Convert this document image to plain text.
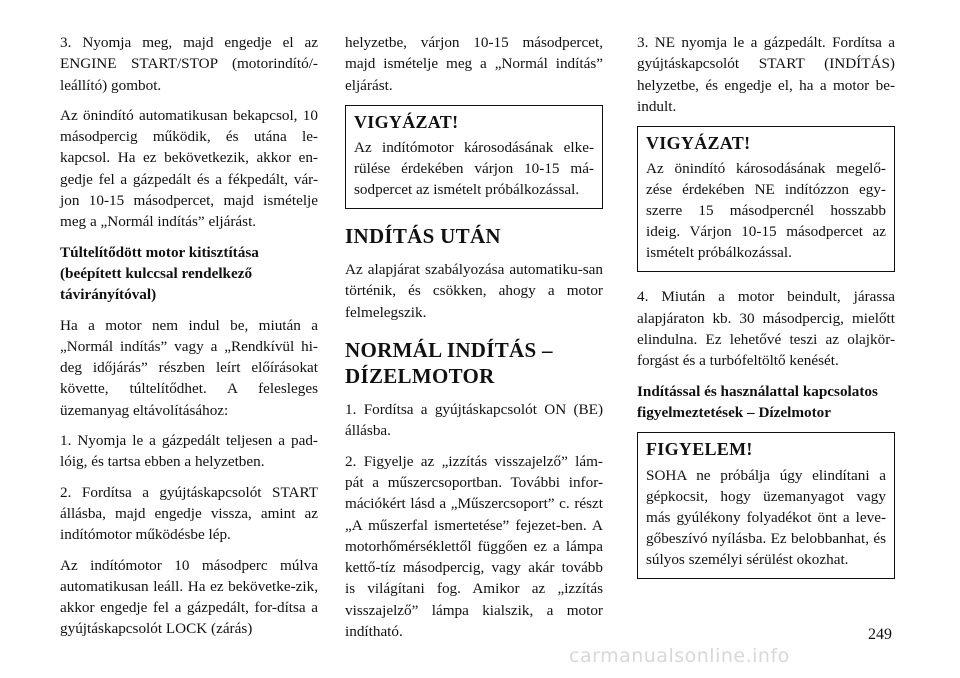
3. Nyomja meg, majd engedje el az ENGINE START/STOP (motorindító/-leállító) gombot.

Az önindító automatikusan bekapcsol, 10 másodpercig működik, és utána le-kapcsol. Ha ez bekövetkezik, akkor en-gedje fel a gázpedált és a fékpedált, vár-jon 10-15 másodpercet, majd ismételje meg a „Normál indítás” eljárást.

Túltelítődött motor kitisztítása (beépített kulccsal rendelkező távirányítóval)

Ha a motor nem indul be, miután a „Normál indítás” vagy a „Rendkívül hi-deg időjárás” részben leírt előírásokat követte, túltelítődhet. A felesleges üzemanyag eltávolításához:

1. Nyomja le a gázpedált teljesen a pad-lóig, és tartsa ebben a helyzetben.

2. Fordítsa a gyújtáskapcsolót START állásba, majd engedje vissza, amint az indítómotor működésbe lép.

Az indítómotor 10 másodperc múlva automatikusan leáll. Ha ez bekövetke-zik, akkor engedje fel a gázpedált, for-dítsa a gyújtáskapcsolót LOCK (zárás)

helyzetbe, várjon 10-15 másodpercet, majd ismételje meg a „Normál indítás” eljárást.

VIGYÁZAT!

Az indítómotor károsodásának elke-rülése érdekében várjon 10-15 má-sodpercet az ismételt próbálkozással.

INDÍTÁS UTÁN

Az alapjárat szabályozása automatiku-san történik, és csökken, ahogy a motor felmelegszik.

NORMÁL INDÍTÁS – DÍZELMOTOR

1. Fordítsa a gyújtáskapcsolót ON (BE) állásba.

2. Figyelje az „izzítás visszajelző” lám-pát a műszercsoportban. További infor-mációkért lásd a „Műszercsoport” c. részt „A műszerfal ismertetése” fejezet-ben. A motorhőmérséklettől függően ez a lámpa kettő-tíz másodpercig, vagy akár tovább is világítani fog. Amikor az „izzítás visszajelző” lámpa kialszik, a motor indítható.

3. NE nyomja le a gázpedált. Fordítsa a gyújtáskapcsolót START (INDÍTÁS) helyzetbe, és engedje el, ha a motor be-indult.

VIGYÁZAT!

Az önindító károsodásának megelő-zése érdekében NE indítózzon egy-szerre 15 másodpercnél hosszabb ideig. Várjon 10-15 másodpercet az ismételt próbálkozással.

4. Miután a motor beindult, járassa alapjáraton kb. 30 másodpercig, mielőtt elindulna. Ez lehetővé teszi az olajkör-forgást és a turbófeltöltő kenését.

Indítással és használattal kapcsolatos figyelmeztetések – Dízelmotor
FIGYELEM!

SOHA ne próbálja úgy elindítani a gépkocsit, hogy üzemanyagot vagy más gyúlékony folyadékot önt a leve-gőbeszívó nyílásba. Ez belobbanhat, és súlyos személyi sérülést okozhat.

249
carmanualsonline.info
